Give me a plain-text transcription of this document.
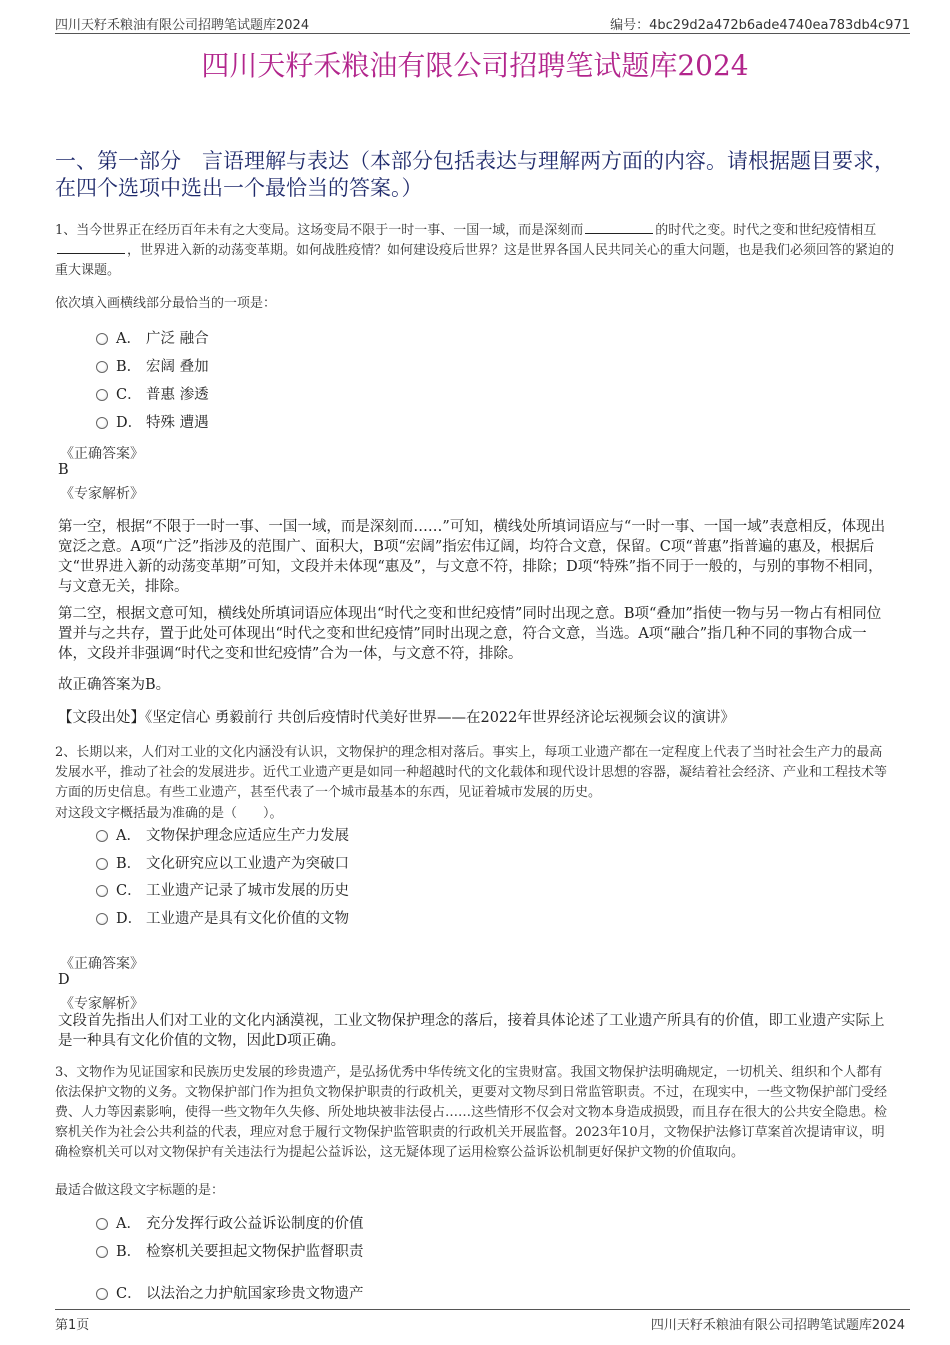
四川天籽禾粮油有限公司招聘笔试题库2024	编号：4bc29d2a472b6ade4740ea783db4c971
四川天籽禾粮油有限公司招聘笔试题库2024
一、第一部分　言语理解与表达（本部分包括表达与理解两方面的内容。请根据题目要求，在四个选项中选出一个最恰当的答案。）

1、当今世界正在经历百年未有之大变局。这场变局不限于一时一事、一国一域，而是深刻而	的时代之变。时代之变和世纪疫情相互
，世界进入新的动荡变革期。如何战胜疫情？如何建设疫后世界？这是世界各国人民共同关心的重大问题，也是我们必须回答的紧迫的重大课题。

依次填入画横线部分最恰当的一项是：

A． 广泛 融合
B． 宏阔 叠加
C． 普惠 渗透
D． 特殊 遭遇
《正确答案》
B
《专家解析》

第一空，根据“不限于一时一事、一国一域，而是深刻而……”可知，横线处所填词语应与“一时一事、一国一域”表意相反，体现出宽泛之意。A项“广泛”指涉及的范围广、面积大，B项“宏阔”指宏伟辽阔，均符合文意，保留。C项“普惠”指普遍的惠及，根据后文“世界进入新的动荡变革期”可知，文段并未体现“惠及”，与文意不符，排除；D项“特殊”指不同于一般的，与别的事物不相同，与文意无关，排除。

第二空，根据文意可知，横线处所填词语应体现出“时代之变和世纪疫情”同时出现之意。B项“叠加”指使一物与另一物占有相同位置并与之共存，置于此处可体现出“时代之变和世纪疫情”同时出现之意，符合文意，当选。A项“融合”指几种不同的事物合成一体，文段并非强调“时代之变和世纪疫情”合为一体，与文意不符，排除。

故正确答案为B。

【文段出处】《坚定信心 勇毅前行 共创后疫情时代美好世界——在2022年世界经济论坛视频会议的演讲》

2、长期以来，人们对工业的文化内涵没有认识，文物保护的理念相对落后。事实上，每项工业遗产都在一定程度上代表了当时社会生产力的最高发展水平，推动了社会的发展进步。近代工业遗产更是如同一种超越时代的文化载体和现代设计思想的容器，凝结着社会经济、产业和工程技术等方面的历史信息。有些工业遗产，甚至代表了一个城市最基本的东西，见证着城市发展的历史。

对这段文字概括最为准确的是（　　）。

A． 文物保护理念应适应生产力发展
B． 文化研究应以工业遗产为突破口
C． 工业遗产记录了城市发展的历史
D． 工业遗产是具有文化价值的文物
《正确答案》
D
《专家解析》

文段首先指出人们对工业的文化内涵漠视，工业文物保护理念的落后，接着具体论述了工业遗产所具有的价值，即工业遗产实际上是一种具有文化价值的文物，因此D项正确。

3、文物作为见证国家和民族历史发展的珍贵遗产，是弘扬优秀中华传统文化的宝贵财富。我国文物保护法明确规定，一切机关、组织和个人都有依法保护文物的义务。文物保护部门作为担负文物保护职责的行政机关，更要对文物尽到日常监管职责。不过，在现实中，一些文物保护部门受经费、人力等因素影响，使得一些文物年久失修、所处地块被非法侵占……这些情形不仅会对文物本身造成损毁，而且存在很大的公共安全隐患。检察机关作为社会公共利益的代表，理应对怠于履行文物保护监管职责的行政机关开展监督。2023年10月，文物保护法修订草案首次提请审议，明确检察机关可以对文物保护有关违法行为提起公益诉讼，这无疑体现了运用检察公益诉讼机制更好保护文物的价值取向。

最适合做这段文字标题的是：

A． 充分发挥行政公益诉讼制度的价值
B． 检察机关要担起文物保护监督职责
C． 以法治之力护航国家珍贵文物遗产
第1页	四川天籽禾粮油有限公司招聘笔试题库2024
